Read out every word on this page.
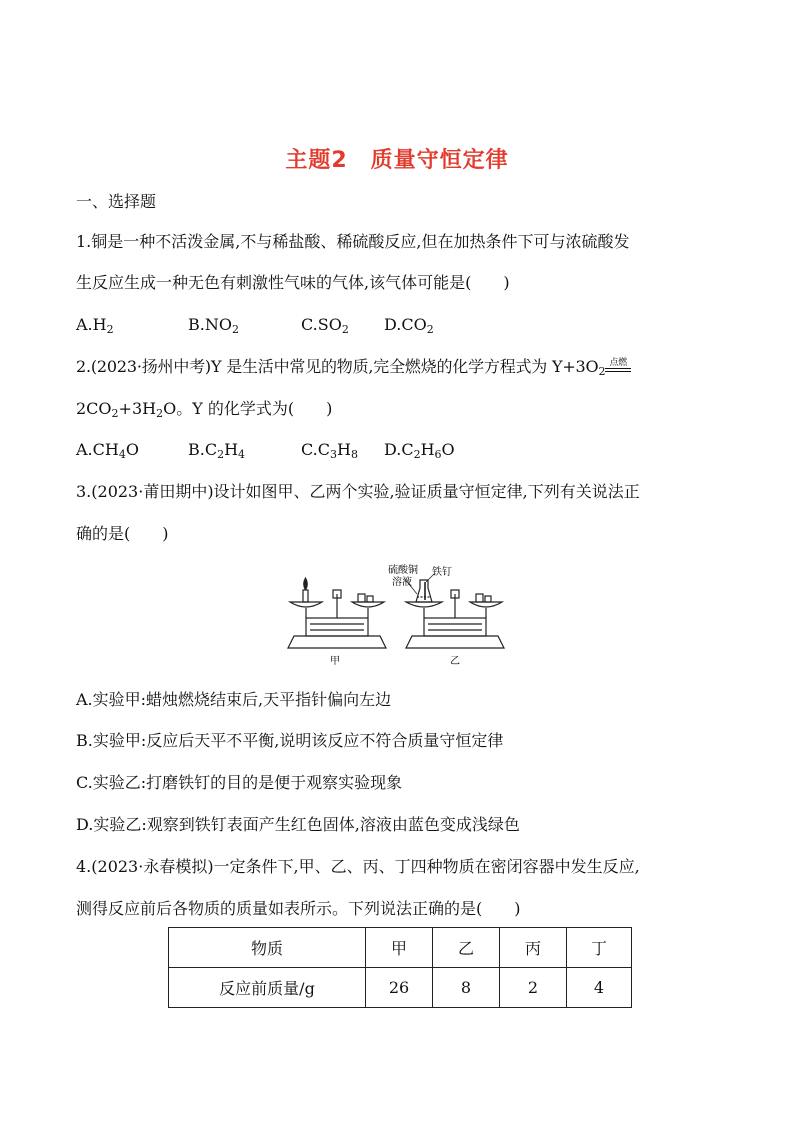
主题2　质量守恒定律
一、选择题
1.铜是一种不活泼金属,不与稀盐酸、稀硫酸反应,但在加热条件下可与浓硫酸发
生反应生成一种无色有刺激性气味的气体,该气体可能是(　　)
$A.H_2$	$B.NO_2$	$C.SO_2$ $D.CO_2$
2.(2023·扬州中考)Y 是生活中常见的物质,完全燃烧的化学方程式为 $Y+3O_2$
点燃
$2CO_2+3H_2O$。Y 的化学式为(　　)
$A.CH_4O$	$B.C_2H_4$	$C.C_3H_8$ $D.C_2H_6O$
3.(2023·莆田期中)设计如图甲、乙两个实验,验证质量守恒定律,下列有关说法正
确的是(　　)
甲	乙
硫酸铜
溶液
铁钉
A.实验甲:蜡烛燃烧结束后,天平指针偏向左边
B.实验甲:反应后天平不平衡,说明该反应不符合质量守恒定律
C.实验乙:打磨铁钉的目的是便于观察实验现象
D.实验乙:观察到铁钉表面产生红色固体,溶液由蓝色变成浅绿色
4.(2023·永春模拟)一定条件下,甲、乙、丙、丁四种物质在密闭容器中发生反应,
测得反应前后各物质的质量如表所示。下列说法正确的是(　　)
物质	甲	乙	丙	丁
反应前质量/g	26	8	2	4
